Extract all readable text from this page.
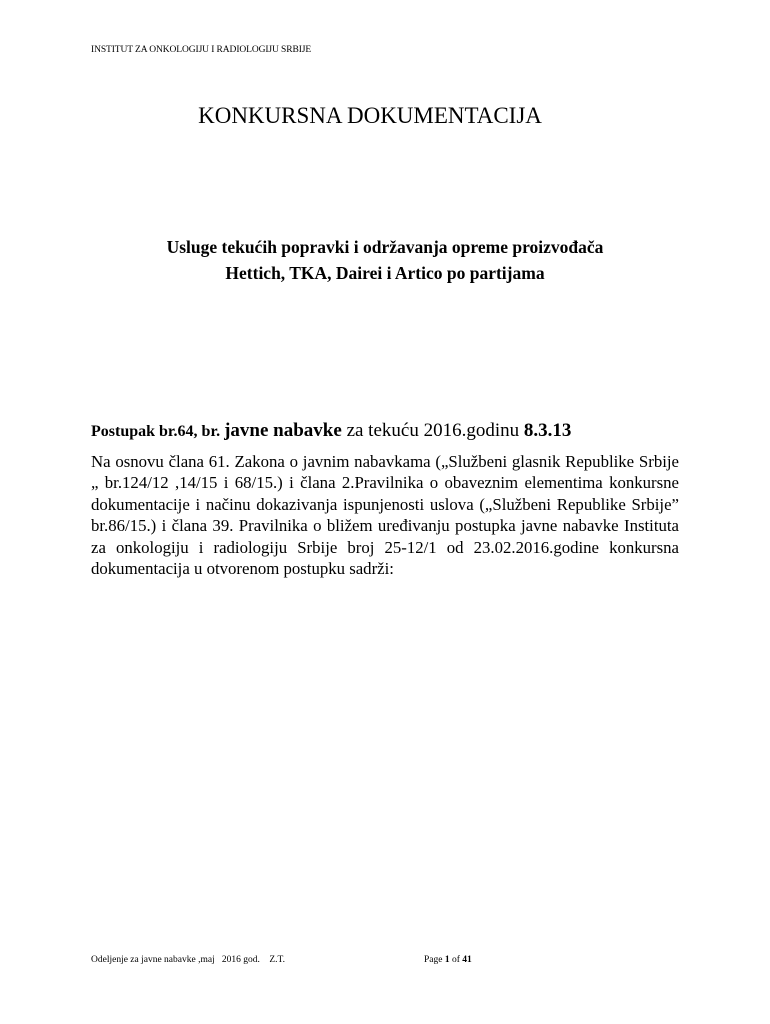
INSTITUT ZA ONKOLOGIJU I RADIOLOGIJU SRBIJE
KONKURSNA DOKUMENTACIJA
Usluge tekućih popravki i održavanja opreme proizvođača
Hettich, TKA, Dairei i Artico po partijama
Postupak br.64, br. javne nabavke za tekuću 2016.godinu 8.3.13

Na osnovu člana 61. Zakona o javnim nabavkama („Službeni glasnik Republike Srbije „ br.124/12 ,14/15 i 68/15.) i člana 2.Pravilnika o obaveznim elementima konkursne dokumentacije i načinu dokazivanja ispunjenosti uslova („Službeni Republike Srbije” br.86/15.) i člana 39. Pravilnika o bližem uređivanju postupka javne nabavke Instituta za onkologiju i radiologiju Srbije broj 25-12/1 od 23.02.2016.godine konkursna dokumentacija u otvorenom postupku sadrži:

Odeljenje za javne nabavke ,maj   2016 god.    Z.T.	Page 1 of 41
